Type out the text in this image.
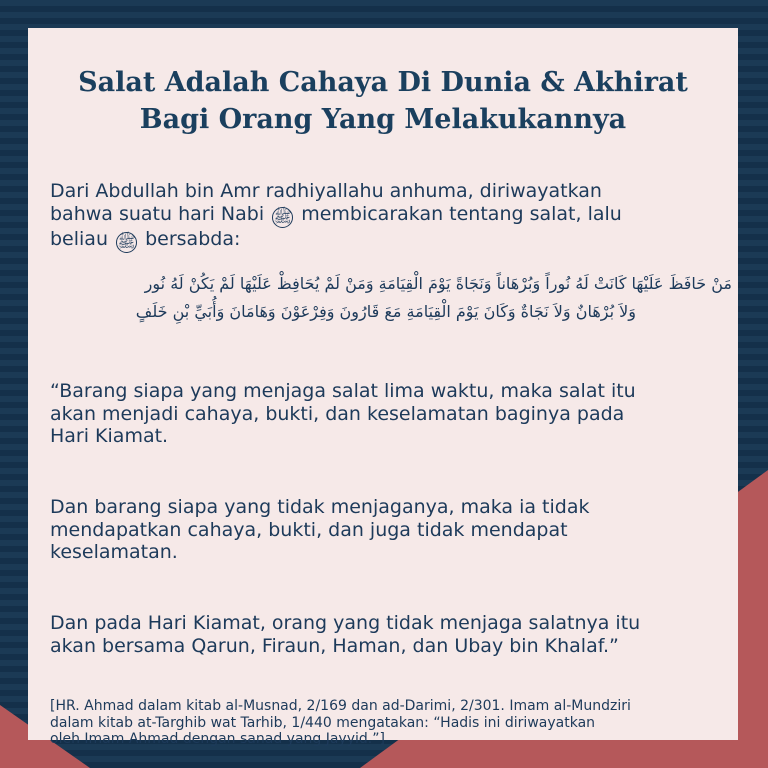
Salat Adalah Cahaya Di Dunia & Akhirat
Bagi Orang Yang Melakukannya
Dari Abdullah bin Amr radhiyallahu anhuma, diriwayatkan
bahwa suatu hari Nabi ﷺ membicarakan tentang salat, lalu
beliau ﷺ bersabda:
مَنْ حَافَظَ عَلَيْهَا كَانَتْ لَهُ نُوراً وَبُرْهَاناً وَنَجَاةً يَوْمَ الْقِيَامَةِ وَمَنْ لَمْ يُحَافِظْ عَلَيْهَا لَمْ يَكُنْ لَهُ نُور
وَلاَ بُرْهَانٌ وَلاَ نَجَاةٌ وَكَانَ يَوْمَ الْقِيَامَةِ مَعَ قَارُونَ وَفِرْعَوْنَ وَهَامَانَ وَأُبَيِّ بْنِ خَلَفٍ
“Barang siapa yang menjaga salat lima waktu, maka salat itu
akan menjadi cahaya, bukti, dan keselamatan baginya pada
Hari Kiamat.
Dan barang siapa yang tidak menjaganya, maka ia tidak
mendapatkan cahaya, bukti, dan juga tidak mendapat
keselamatan.
Dan pada Hari Kiamat, orang yang tidak menjaga salatnya itu
akan bersama Qarun, Firaun, Haman, dan Ubay bin Khalaf.”
[HR. Ahmad dalam kitab al-Musnad, 2/169 dan ad-Darimi, 2/301. Imam al-Mundziri
dalam kitab at-Targhib wat Tarhib, 1/440 mengatakan: “Hadis ini diriwayatkan
oleh Imam Ahmad dengan sanad yang Jayyid.”]
